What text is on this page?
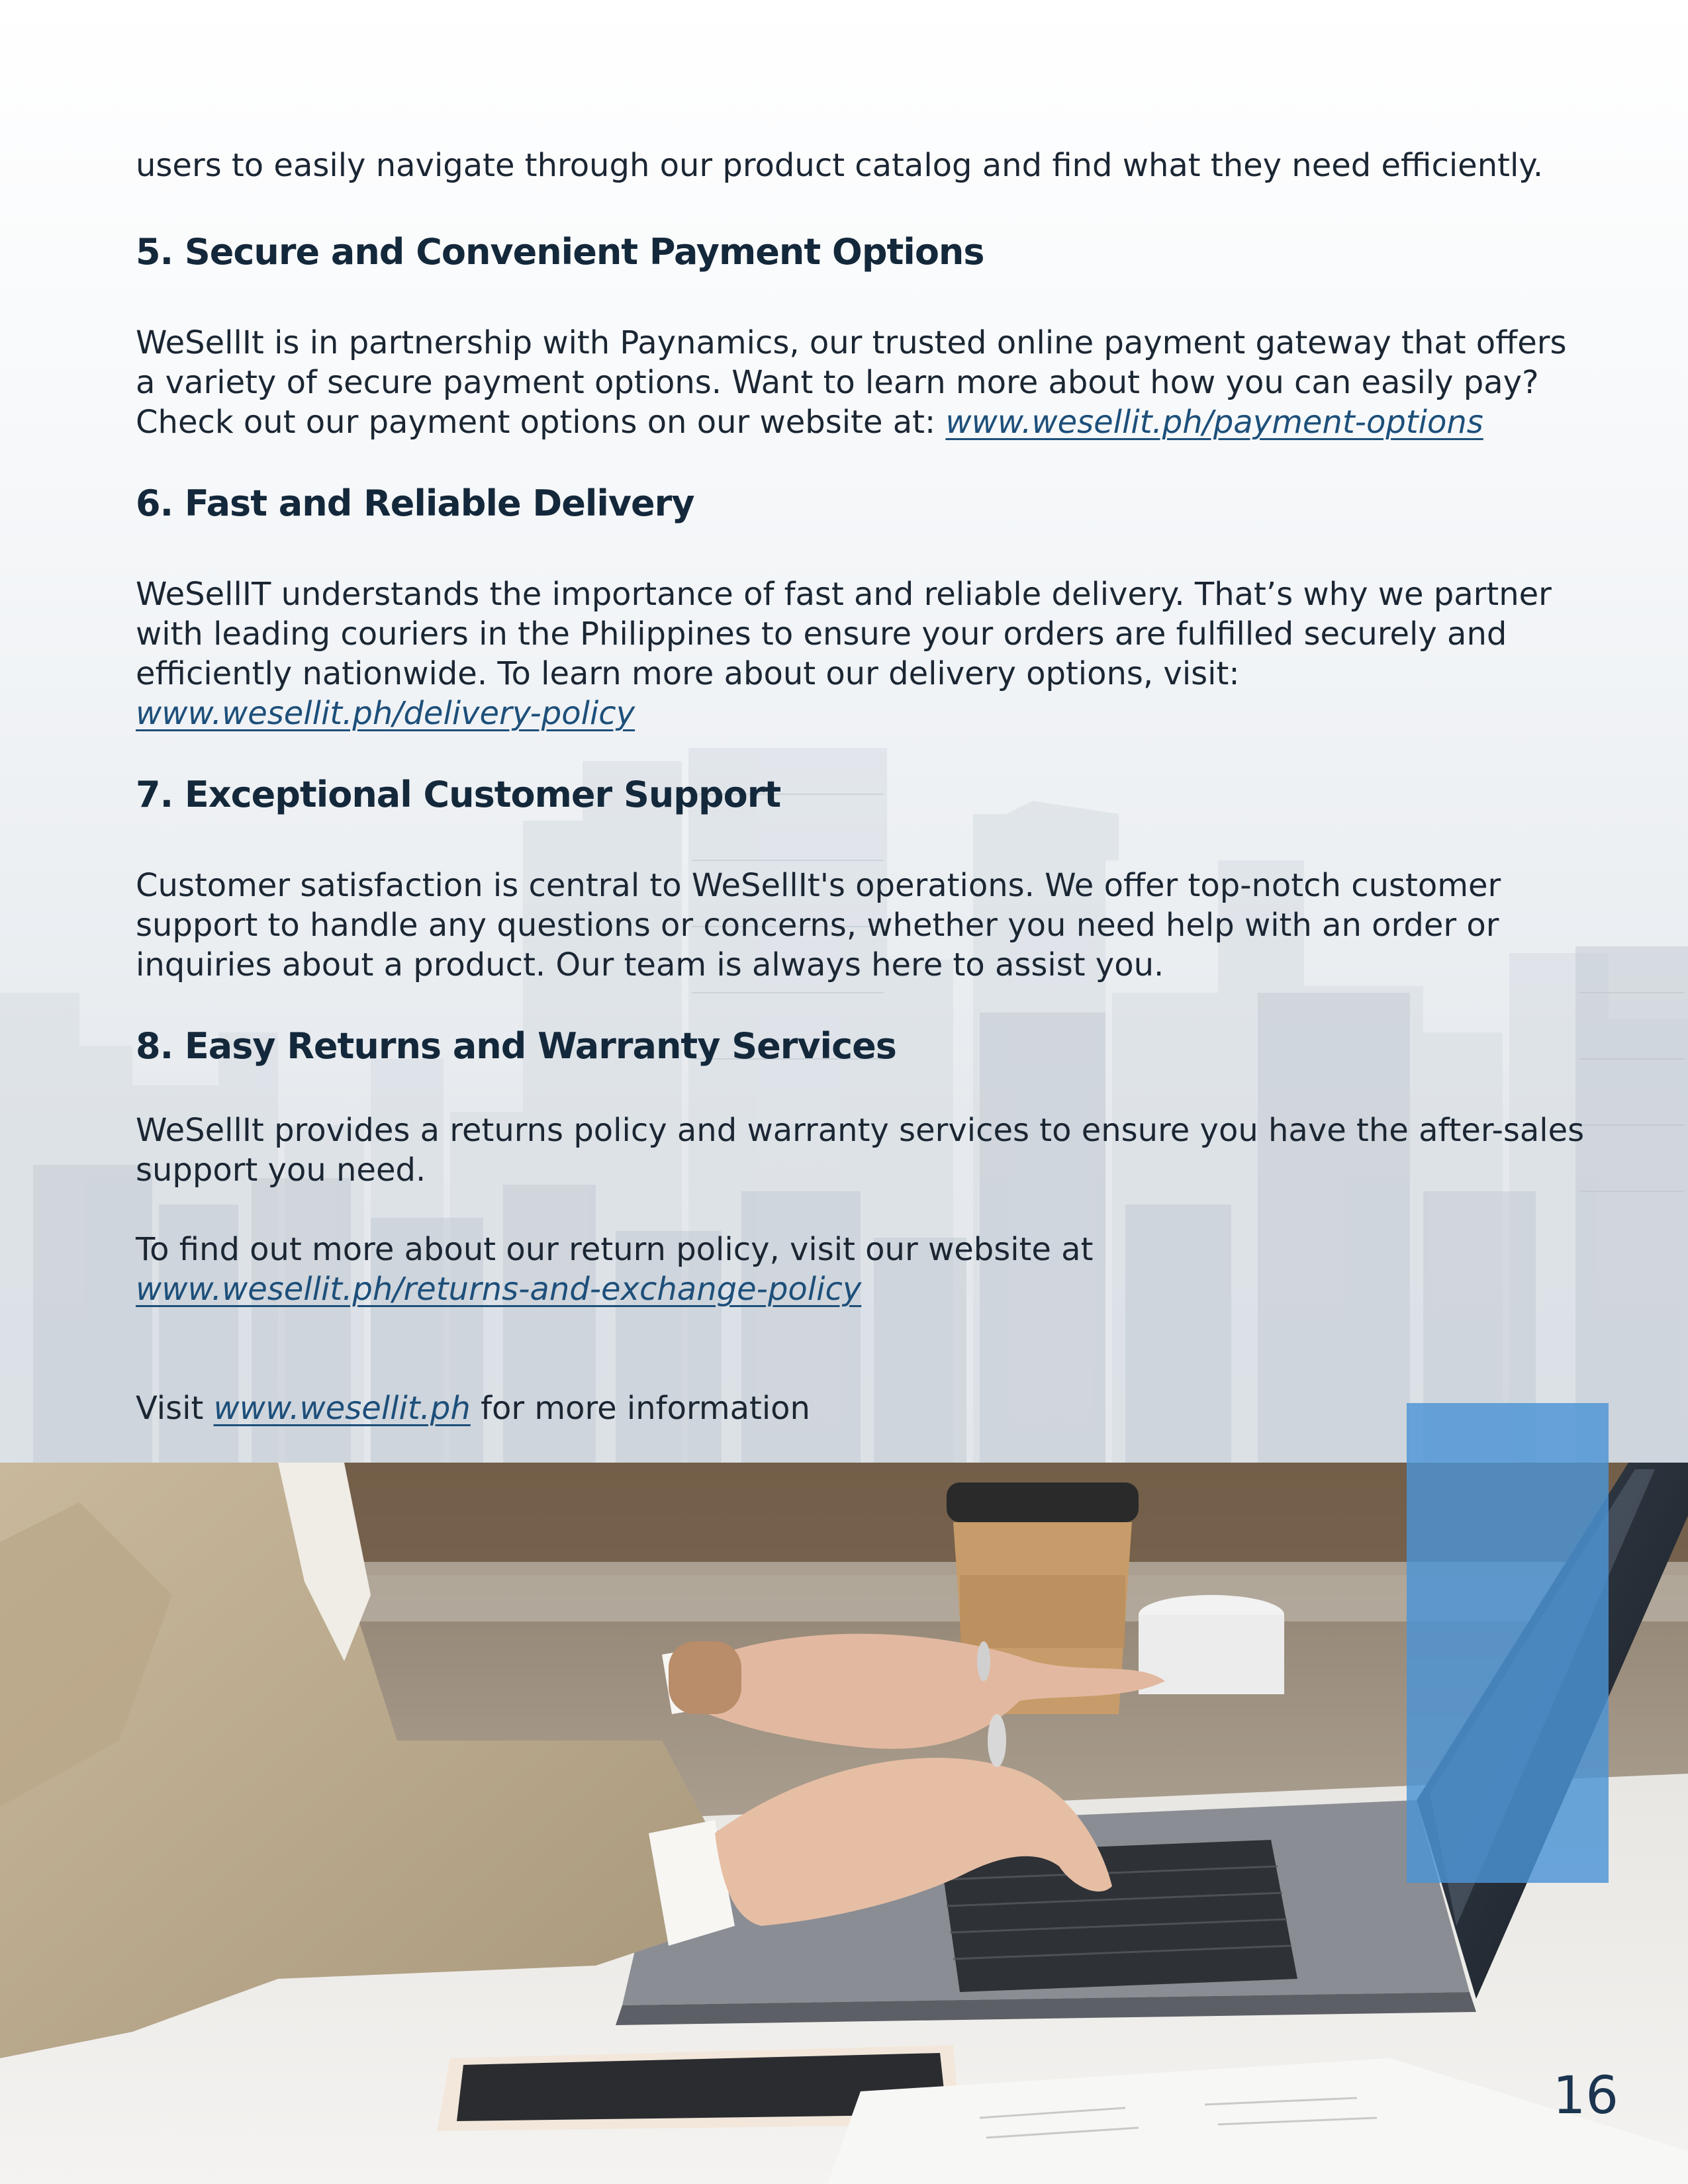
users to easily navigate through our product catalog and find what they need efficiently.

5. Secure and Convenient Payment Options

WeSellIt is in partnership with Paynamics, our trusted online payment gateway that offers

a variety of secure payment options. Want to learn more about how you can easily pay?

Check out our payment options on our website at: www.wesellit.ph/payment-options

6. Fast and Reliable Delivery

WeSellIT understands the importance of fast and reliable delivery. That’s why we partner

with leading couriers in the Philippines to ensure your orders are fulfilled securely and

efficiently nationwide. To learn more about our delivery options, visit:

www.wesellit.ph/delivery-policy

7. Exceptional Customer Support

Customer satisfaction is central to WeSellIt's operations. We offer top-notch customer

support to handle any questions or concerns, whether you need help with an order or

inquiries about a product. Our team is always here to assist you.

8. Easy Returns and Warranty Services

WeSellIt provides a returns policy and warranty services to ensure you have the after-sales

support you need.

To find out more about our return policy, visit our website at

www.wesellit.ph/returns-and-exchange-policy

Visit www.wesellit.ph for more information

16
